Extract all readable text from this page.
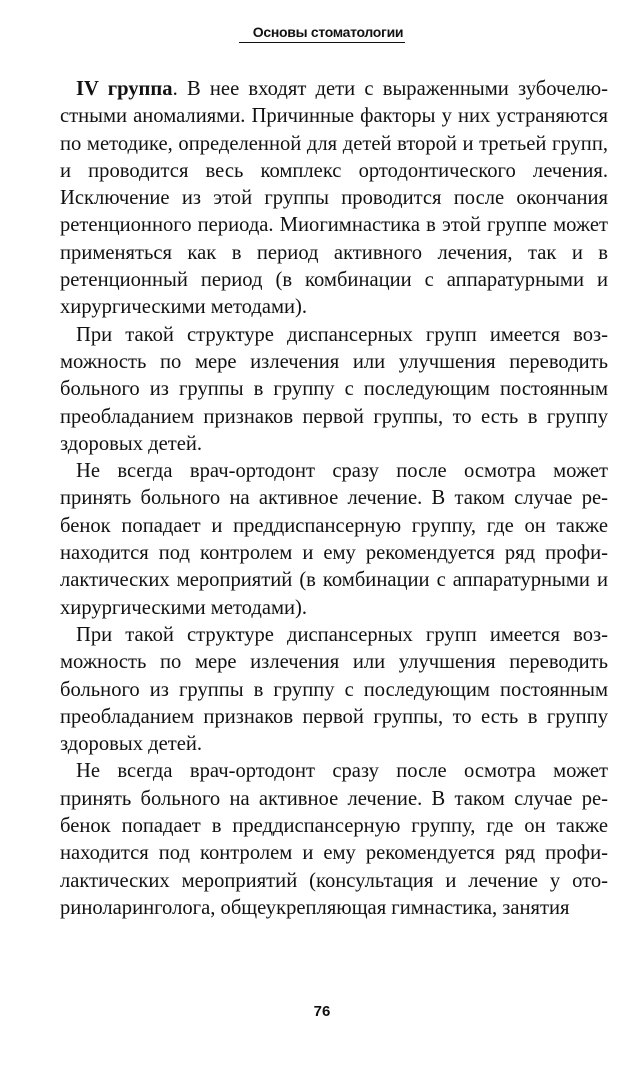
Основы стоматологии

IV группа. В нее входят дети с выраженными зубочелюстными аномалиями. Причинные факторы у них устраняются по методике, определенной для детей второй и третьей групп, и проводится весь комплекс ортодонтического лечения. Исключение из этой группы проводится после окончания ретенционного периода. Миогимнастика в этой группе может применяться как в период активного лечения, так и в ретенционный период (в комбинации с аппаратурными и хирургическими методами).

При такой структуре диспансерных групп имеется возможность по мере излечения или улучшения переводить больного из группы в группу с последующим постоянным преобладанием признаков первой группы, то есть в группу здоровых детей.

Не всегда врач-ортодонт сразу после осмотра может принять больного на активное лечение. В таком случае ребенок попадает и преддиспансерную группу, где он также находится под контролем и ему рекомендуется ряд профилактических мероприятий (в комбинации с аппаратурными и хирургическими методами).

При такой структуре диспансерных групп имеется возможность по мере излечения или улучшения переводить больного из группы в группу с последующим постоянным преобладанием признаков первой группы, то есть в группу здоровых детей.

Не всегда врач-ортодонт сразу после осмотра может принять больного на активное лечение. В таком случае ребенок попадает в преддиспансерную группу, где он также находится под контролем и ему рекомендуется ряд профилактических мероприятий (консультация и лечение у оториноларинголога, общеукрепляющая гимнастика, занятия

76
